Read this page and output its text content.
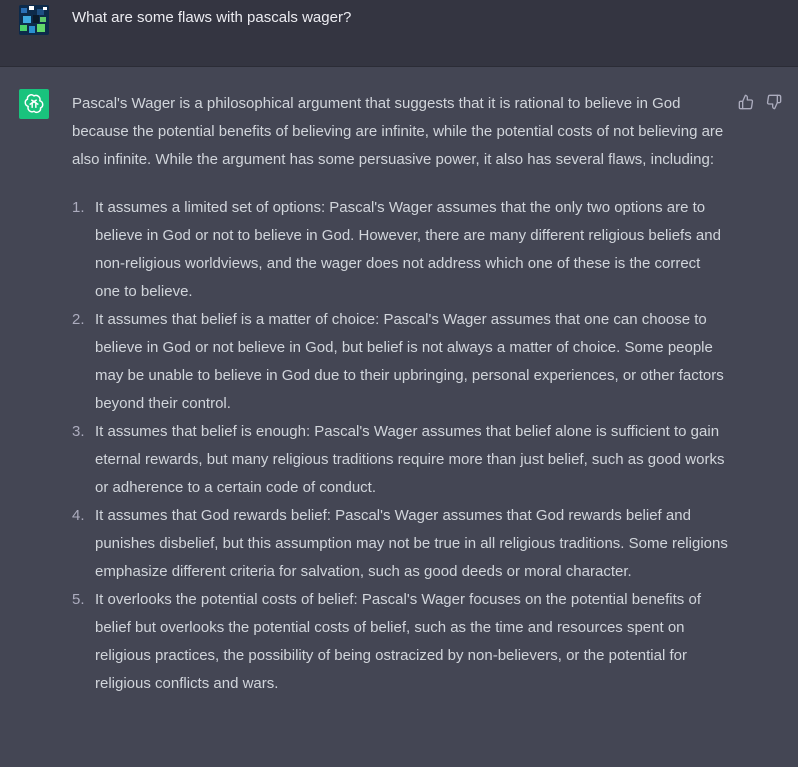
What are some flaws with pascals wager?

Pascal's Wager is a philosophical argument that suggests that it is rational to believe in God because the potential benefits of believing are infinite, while the potential costs of not believing are also infinite. While the argument has some persuasive power, it also has several flaws, including:

1. It assumes a limited set of options: Pascal's Wager assumes that the only two options are to believe in God or not to believe in God. However, there are many different religious beliefs and non-religious worldviews, and the wager does not address which one of these is the correct one to believe.
2. It assumes that belief is a matter of choice: Pascal's Wager assumes that one can choose to believe in God or not believe in God, but belief is not always a matter of choice. Some people may be unable to believe in God due to their upbringing, personal experiences, or other factors beyond their control.
3. It assumes that belief is enough: Pascal's Wager assumes that belief alone is sufficient to gain eternal rewards, but many religious traditions require more than just belief, such as good works or adherence to a certain code of conduct.
4. It assumes that God rewards belief: Pascal's Wager assumes that God rewards belief and punishes disbelief, but this assumption may not be true in all religious traditions. Some religions emphasize different criteria for salvation, such as good deeds or moral character.
5. It overlooks the potential costs of belief: Pascal's Wager focuses on the potential benefits of belief but overlooks the potential costs of belief, such as the time and resources spent on religious practices, the possibility of being ostracized by non-believers, or the potential for religious conflicts and wars.
